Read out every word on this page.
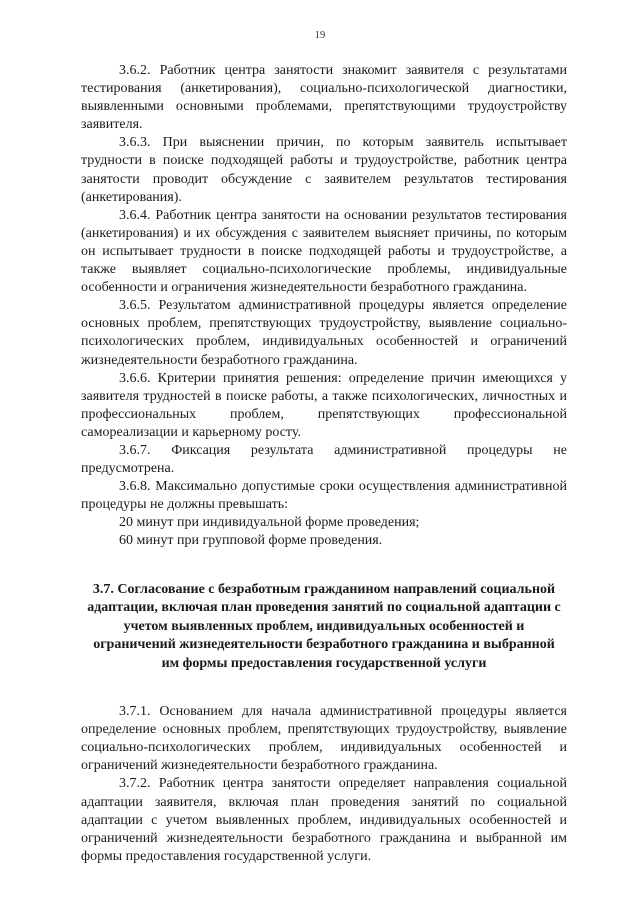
19

3.6.2. Работник центра занятости знакомит заявителя с результатами тестирования (анкетирования), социально-психологической диагностики, выявленными основными проблемами, препятствующими трудоустройству заявителя.

3.6.3. При выяснении причин, по которым заявитель испытывает трудности в поиске подходящей работы и трудоустройстве, работник центра занятости проводит обсуждение с заявителем результатов тестирования (анкетирования).

3.6.4. Работник центра занятости на основании результатов тестирования (анкетирования) и их обсуждения с заявителем выясняет причины, по которым он испытывает трудности в поиске подходящей работы и трудоустройстве, а также выявляет социально-психологические проблемы, индивидуальные особенности и ограничения жизнедеятельности безработного гражданина.

3.6.5. Результатом административной процедуры является определение основных проблем, препятствующих трудоустройству, выявление социально-психологических проблем, индивидуальных особенностей и ограничений жизнедеятельности безработного гражданина.

3.6.6. Критерии принятия решения: определение причин имеющихся у заявителя трудностей в поиске работы, а также психологических, личностных и профессиональных проблем, препятствующих профессиональной самореализации и карьерному росту.

3.6.7. Фиксация результата административной процедуры не предусмотрена.

3.6.8. Максимально допустимые сроки осуществления административной процедуры не должны превышать:

20 минут при индивидуальной форме проведения;

60 минут при групповой форме проведения.

3.7. Согласование с безработным гражданином направлений социальной адаптации, включая план проведения занятий по социальной адаптации с учетом выявленных проблем, индивидуальных особенностей и ограничений жизнедеятельности безработного гражданина и выбранной им формы предоставления государственной услуги

3.7.1. Основанием для начала административной процедуры является определение основных проблем, препятствующих трудоустройству, выявление социально-психологических проблем, индивидуальных особенностей и ограничений жизнедеятельности безработного гражданина.

3.7.2. Работник центра занятости определяет направления социальной адаптации заявителя, включая план проведения занятий по социальной адаптации с учетом выявленных проблем, индивидуальных особенностей и ограничений жизнедеятельности безработного гражданина и выбранной им формы предоставления государственной услуги.
